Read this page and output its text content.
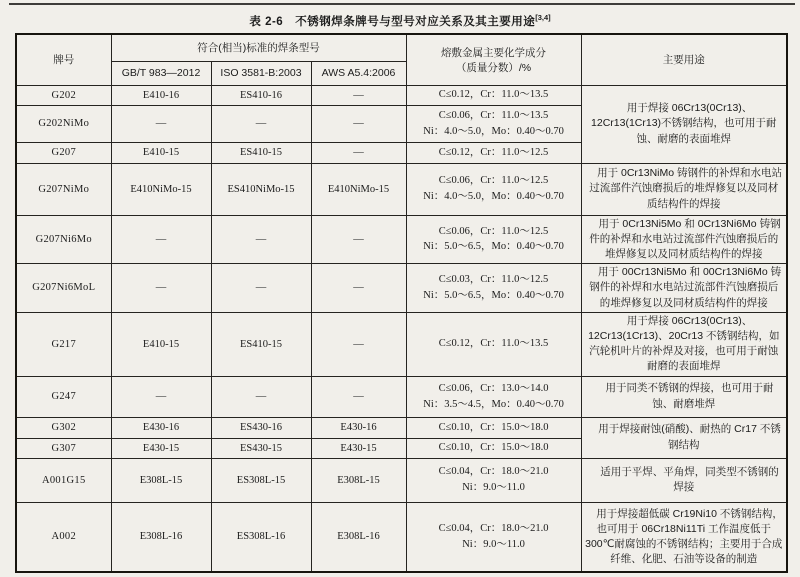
表 2-6　不锈钢焊条牌号与型号对应关系及其主要用途[3,4]
牌号	符合(相当)标准的焊条型号			熔敷金属主要化学成分
（质量分数）/%	主要用途
	GB/T 983—2012	ISO 3581-B:2003	AWS A5.4:2006		
G202	E410-16	ES410-16	—	C≤0.12，Cr：11.0～13.5	用于焊接 06Cr13(0Cr13)、12Cr13(1Cr13)不锈钢结构，也可用于耐蚀、耐磨的表面堆焊

G202NiMo	—	—	—	C≤0.06，Cr：11.0～13.5
Ni：4.0～5.0，Mo：0.40～0.70	

G207	E410-15	ES410-15	—	C≤0.12，Cr：11.0～12.5	

G207NiMo	E410NiMo-15	ES410NiMo-15	E410NiMo-15	C≤0.06，Cr：11.0～12.5
Ni：4.0～5.0，Mo：0.40～0.70	用于 0Cr13NiMo 铸钢件的补焊和水电站过流部件汽蚀磨损后的堆焊修复以及同材质结构件的焊接

G207Ni6Mo	—	—	—	C≤0.06，Cr：11.0～12.5
Ni：5.0～6.5，Mo：0.40～0.70	用于 0Cr13Ni5Mo 和 0Cr13Ni6Mo 铸钢件的补焊和水电站过流部件汽蚀磨损后的堆焊修复以及同材质结构件的焊接

G207Ni6MoL	—	—	—	C≤0.03，Cr：11.0～12.5
Ni：5.0～6.5，Mo：0.40～0.70	用于 00Cr13Ni5Mo 和 00Cr13Ni6Mo 铸钢件的补焊和水电站过流部件汽蚀磨损后的堆焊修复以及同材质结构件的焊接

G217	E410-15	ES410-15	—	C≤0.12，Cr：11.0～13.5	用于焊接 06Cr13(0Cr13)、12Cr13(1Cr13)、20Cr13 不锈钢结构，如汽轮机叶片的补焊及对接，也可用于耐蚀耐磨的表面堆焊

G247	—	—	—	C≤0.06，Cr：13.0～14.0
Ni：3.5～4.5，Mo：0.40～0.70	用于同类不锈钢的焊接，也可用于耐蚀、耐磨堆焊

G302	E430-16	ES430-16	E430-16	C≤0.10，Cr：15.0～18.0	用于焊接耐蚀(硝酸)、耐热的 Cr17 不锈钢结构

G307	E430-15	ES430-15	E430-15	C≤0.10，Cr：15.0～18.0	

A001G15	E308L-15	ES308L-15	E308L-15	C≤0.04，Cr：18.0～21.0
Ni：9.0～11.0	适用于平焊、平角焊，同类型不锈钢的焊接

A002	E308L-16	ES308L-16	E308L-16	C≤0.04，Cr：18.0～21.0
Ni：9.0～11.0	用于焊接超低碳 Cr19Ni10 不锈钢结构，也可用于 06Cr18Ni11Ti 工作温度低于 300℃耐腐蚀的不锈钢结构；主要用于合成纤维、化肥、石油等设备的制造
